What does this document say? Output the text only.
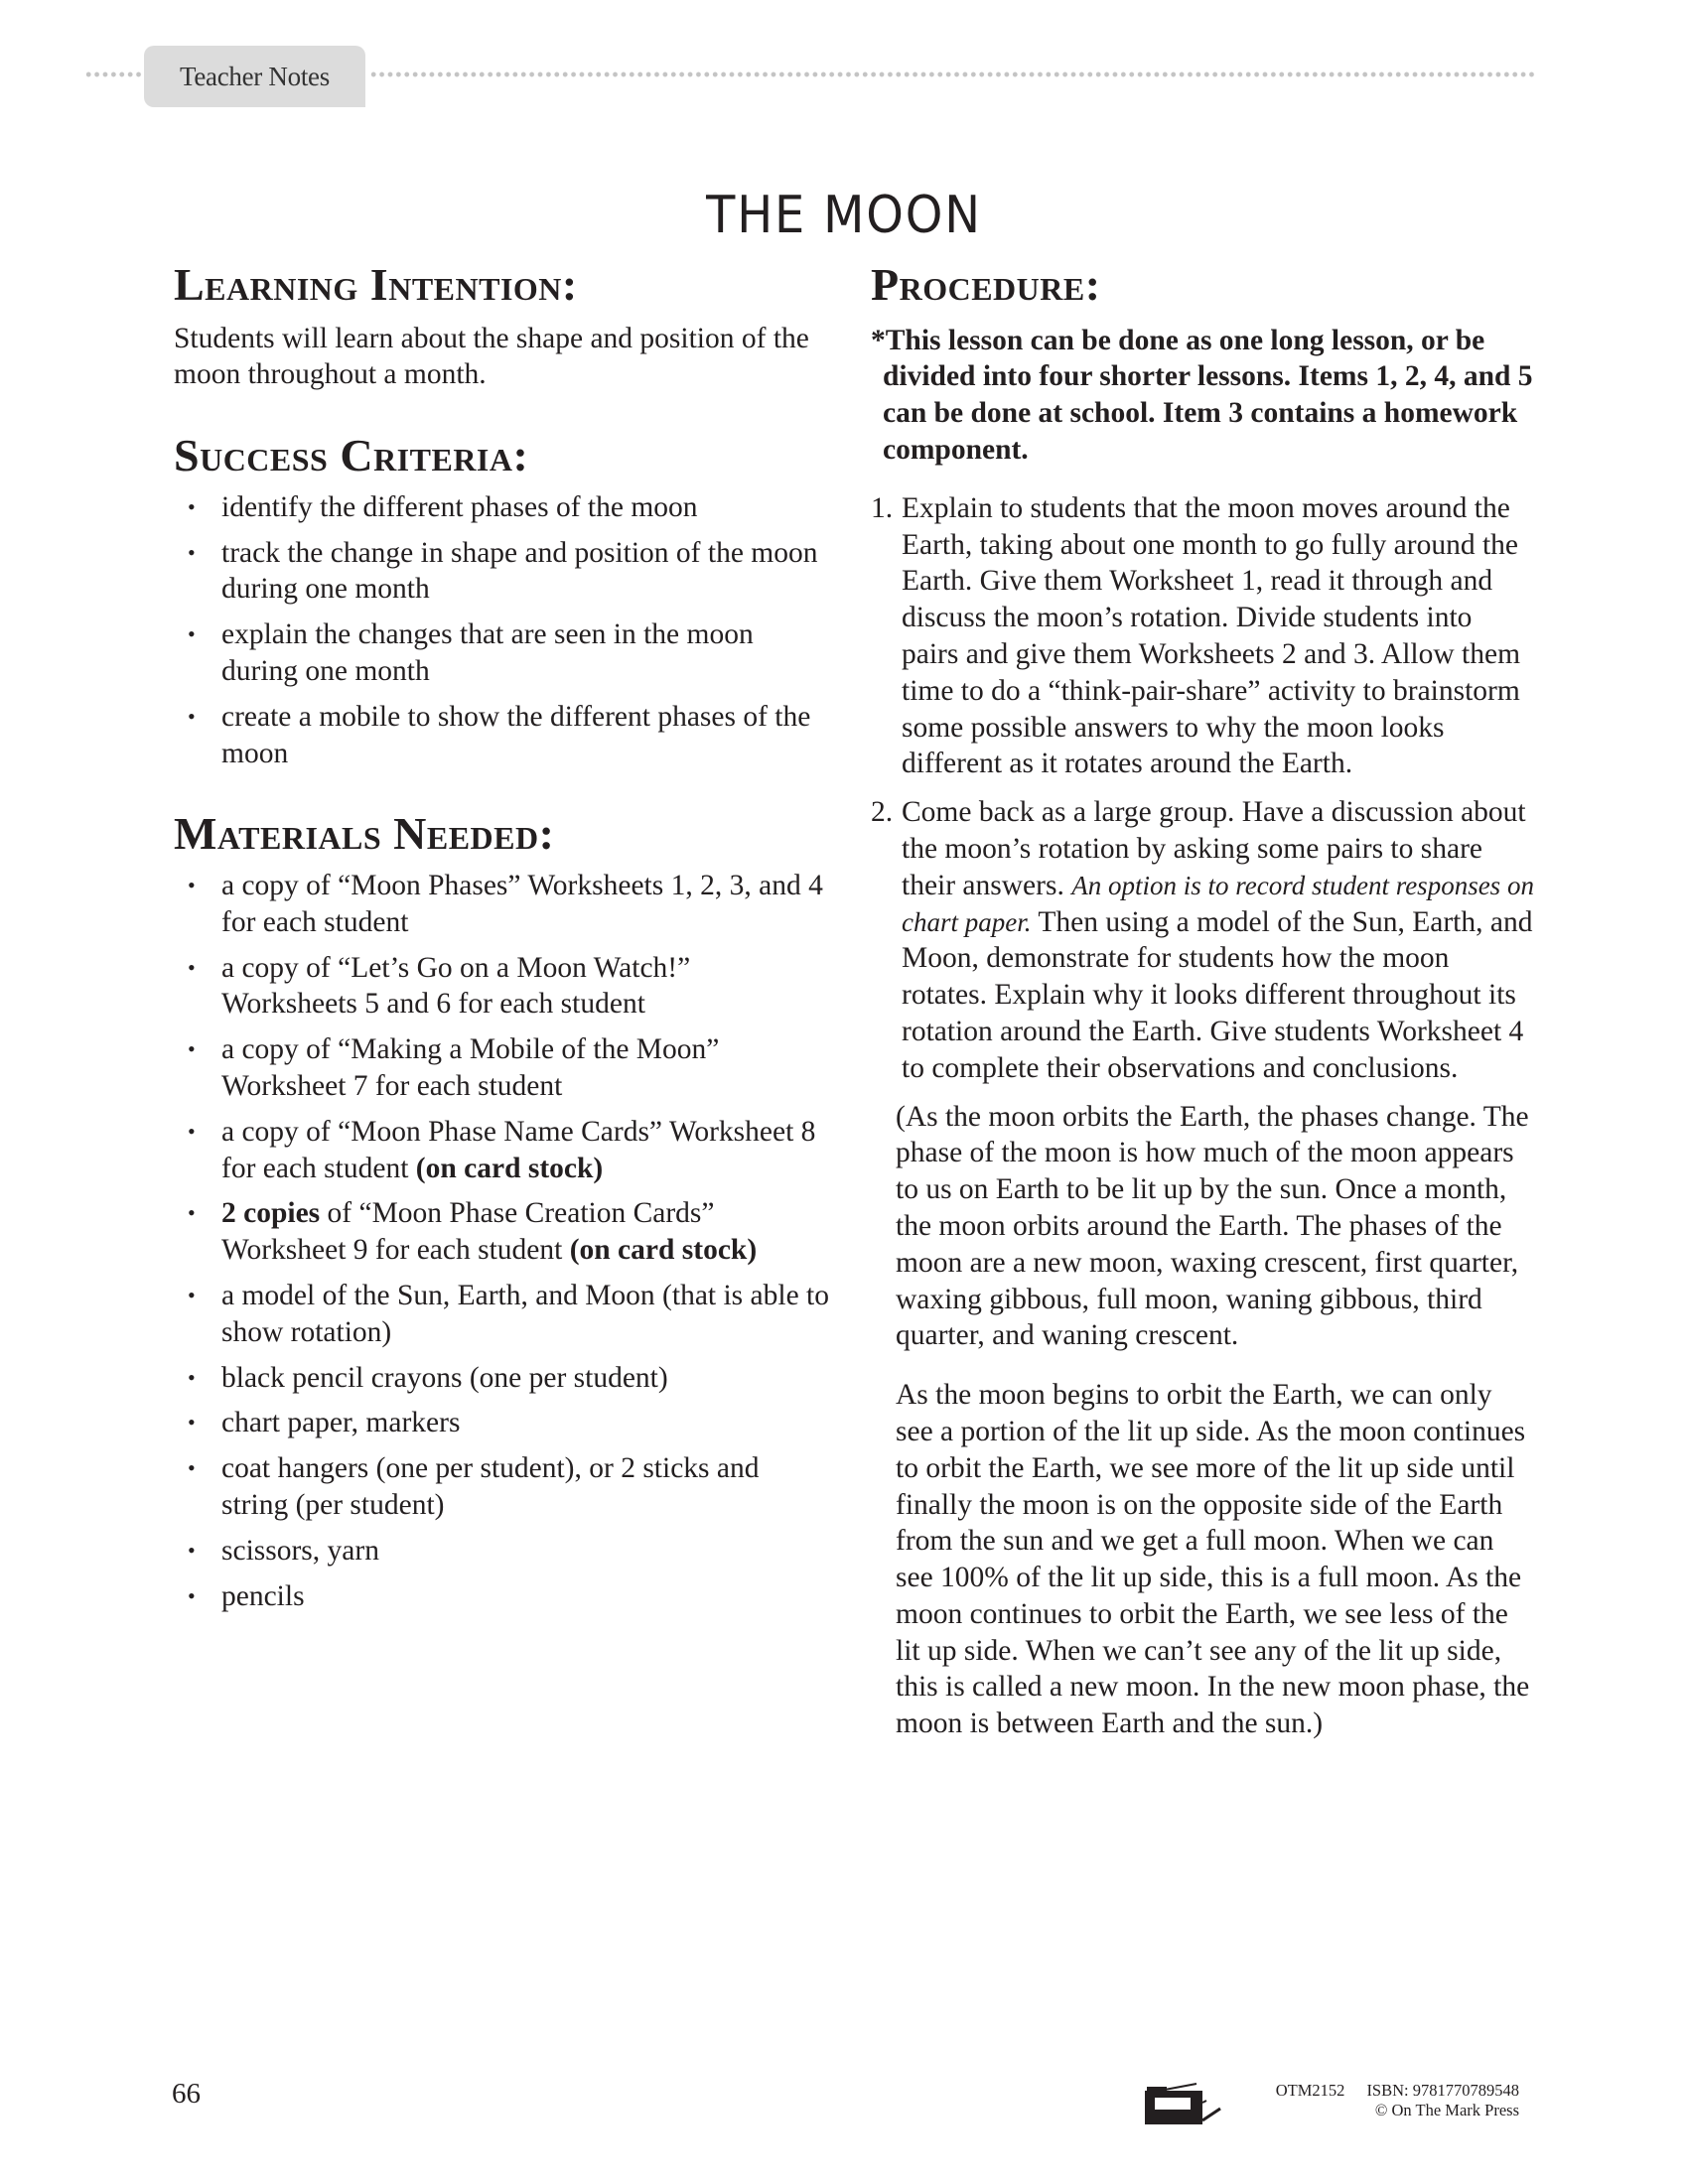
Teacher Notes
THE MOON
Learning Intention:

Students will learn about the shape and position of the moon throughout a month.

Success Criteria:
• identify the different phases of the moon
• track the change in shape and position of the moon during one month
• explain the changes that are seen in the moon during one month
• create a mobile to show the different phases of the moon
Materials Needed:
• a copy of “Moon Phases” Worksheets 1, 2, 3, and 4 for each student
• a copy of “Let’s Go on a Moon Watch!” Worksheets 5 and 6 for each student
• a copy of “Making a Mobile of the Moon” Worksheet 7 for each student
• a copy of “Moon Phase Name Cards” Worksheet 8 for each student (on card stock)
• 2 copies of “Moon Phase Creation Cards” Worksheet 9 for each student (on card stock)
• a model of the Sun, Earth, and Moon (that is able to show rotation)
• black pencil crayons (one per student)
• chart paper, markers
• coat hangers (one per student), or 2 sticks and string (per student)
• scissors, yarn
• pencils
Procedure:

*This lesson can be done as one long lesson, or be divided into four shorter lessons. Items 1, 2, 4, and 5 can be done at school. Item 3 contains a homework component.

1. Explain to students that the moon moves around the Earth, taking about one month to go fully around the Earth. Give them Worksheet 1, read it through and discuss the moon’s rotation. Divide students into pairs and give them Worksheets 2 and 3. Allow them time to do a “think-pair-share” activity to brainstorm some possible answers to why the moon looks different as it rotates around the Earth.
2. Come back as a large group. Have a discussion about the moon’s rotation by asking some pairs to share their answers. An option is to record student responses on chart paper. Then using a model of the Sun, Earth, and Moon, demonstrate for students how the moon rotates. Explain why it looks different throughout its rotation around the Earth. Give students Worksheet 4 to complete their observations and conclusions.

(As the moon orbits the Earth, the phases change. The phase of the moon is how much of the moon appears to us on Earth to be lit up by the sun. Once a month, the moon orbits around the Earth. The phases of the moon are a new moon, waxing crescent, first quarter, waxing gibbous, full moon, waning gibbous, third quarter, and waning crescent.

As the moon begins to orbit the Earth, we can only see a portion of the lit up side. As the moon continues to orbit the Earth, we see more of the lit up side until finally the moon is on the opposite side of the Earth from the sun and we get a full moon. When we can see 100% of the lit up side, this is a full moon. As the moon continues to orbit the Earth, we see less of the lit up side. When we can’t see any of the lit up side, this is called a new moon. In the new moon phase, the moon is between Earth and the sun.)

66	OTM2152 ISBN: 9781770789548
© On The Mark Press
